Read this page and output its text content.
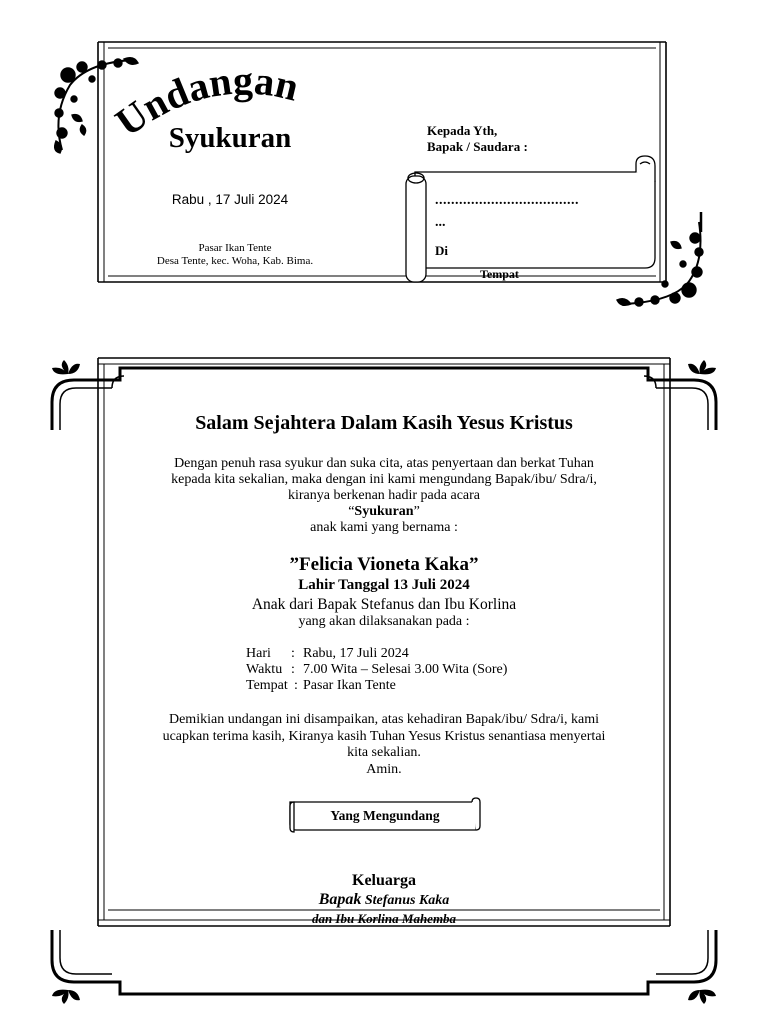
Undangan
Syukuran
Rabu , 17 Juli 2024
Pasar Ikan Tente
Desa Tente, kec. Woha, Kab. Bima.
Kepada Yth,
Bapak / Saudara :
....................................
...
Di
Tempat
Salam Sejahtera Dalam Kasih Yesus Kristus
Dengan penuh rasa syukur dan suka cita, atas penyertaan dan berkat Tuhan
kepada kita sekalian, maka dengan ini kami mengundang Bapak/ibu/ Sdra/i,
kiranya berkenan hadir pada acara
“Syukuran”
anak kami yang bernama :
”Felicia Vioneta Kaka”
Lahir Tanggal 13 Juli 2024
Anak dari Bapak Stefanus dan Ibu Korlina
yang akan dilaksanakan pada :
Hari : Rabu, 17 Juli 2024
Waktu : 7.00 Wita – Selesai 3.00 Wita (Sore)
Tempat : Pasar Ikan Tente
Demikian undangan ini disampaikan, atas kehadiran Bapak/ibu/ Sdra/i, kami
ucapkan terima kasih, Kiranya kasih Tuhan Yesus Kristus senantiasa menyertai
kita sekalian.
Amin.
Yang Mengundang
Keluarga
Bapak Stefanus Kaka
dan Ibu Korlina Mahemba
